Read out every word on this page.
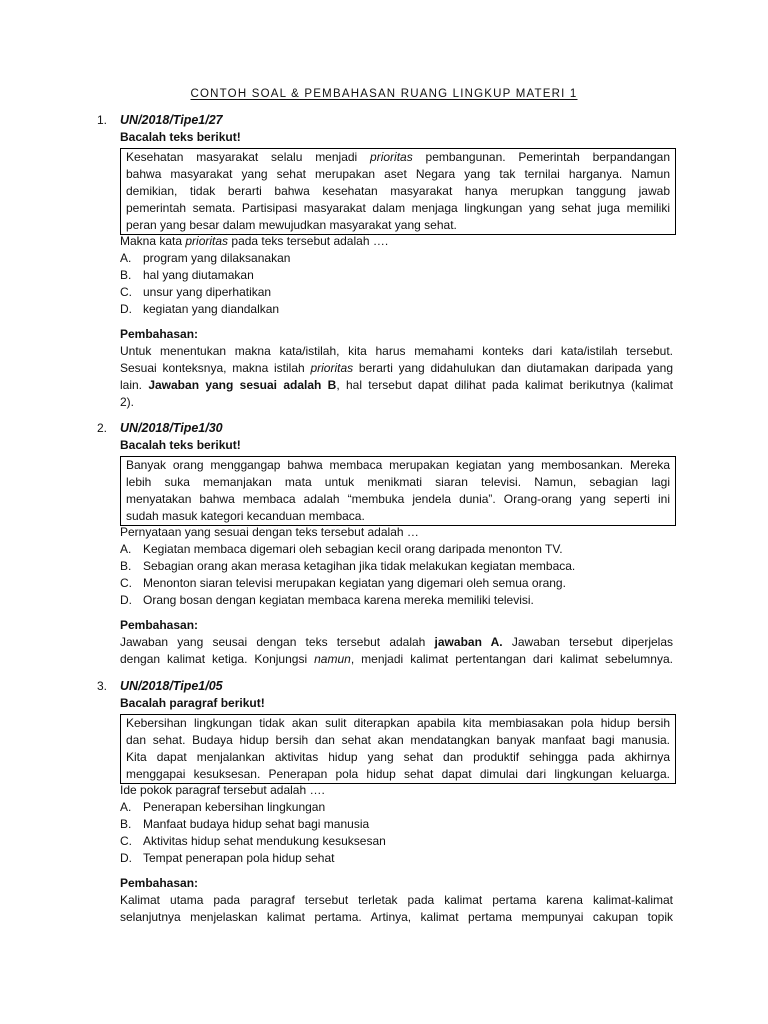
CONTOH SOAL & PEMBAHASAN RUANG LINGKUP MATERI 1
1. UN/2018/Tipe1/27
Bacalah teks berikut!
Kesehatan masyarakat selalu menjadi prioritas pembangunan. Pemerintah berpandangan
bahwa masyarakat yang sehat merupakan aset Negara yang tak ternilai harganya. Namun
demikian, tidak berarti bahwa kesehatan masyarakat hanya merupkan tanggung jawab
pemerintah semata. Partisipasi masyarakat dalam menjaga lingkungan yang sehat juga memiliki
peran yang besar dalam mewujudkan masyarakat yang sehat.
Makna kata prioritas pada teks tersebut adalah ….
A. program yang dilaksanakan
B. hal yang diutamakan
C. unsur yang diperhatikan
D. kegiatan yang diandalkan
Pembahasan:
Untuk menentukan makna kata/istilah, kita harus memahami konteks dari kata/istilah tersebut.
Sesuai konteksnya, makna istilah prioritas berarti yang didahulukan dan diutamakan daripada yang
lain. Jawaban yang sesuai adalah B, hal tersebut dapat dilihat pada kalimat berikutnya (kalimat
2).
2. UN/2018/Tipe1/30
Bacalah teks berikut!
Banyak orang menggangap bahwa membaca merupakan kegiatan yang membosankan. Mereka
lebih suka memanjakan mata untuk menikmati siaran televisi. Namun, sebagian lagi
menyatakan bahwa membaca adalah “membuka jendela dunia”. Orang-orang yang seperti ini
sudah masuk kategori kecanduan membaca.
Pernyataan yang sesuai dengan teks tersebut adalah …
A. Kegiatan membaca digemari oleh sebagian kecil orang daripada menonton TV.
B. Sebagian orang akan merasa ketagihan jika tidak melakukan kegiatan membaca.
C. Menonton siaran televisi merupakan kegiatan yang digemari oleh semua orang.
D. Orang bosan dengan kegiatan membaca karena mereka memiliki televisi.
Pembahasan:
Jawaban yang seusai dengan teks tersebut adalah jawaban A. Jawaban tersebut diperjelas
dengan kalimat ketiga. Konjungsi namun, menjadi kalimat pertentangan dari kalimat sebelumnya.
3. UN/2018/Tipe1/05
Bacalah paragraf berikut!
Kebersihan lingkungan tidak akan sulit diterapkan apabila kita membiasakan pola hidup bersih
dan sehat. Budaya hidup bersih dan sehat akan mendatangkan banyak manfaat bagi manusia.
Kita dapat menjalankan aktivitas hidup yang sehat dan produktif sehingga pada akhirnya
menggapai kesuksesan. Penerapan pola hidup sehat dapat dimulai dari lingkungan keluarga.
Ide pokok paragraf tersebut adalah ….
A. Penerapan kebersihan lingkungan
B. Manfaat budaya hidup sehat bagi manusia
C. Aktivitas hidup sehat mendukung kesuksesan
D. Tempat penerapan pola hidup sehat
Pembahasan:
Kalimat utama pada paragraf tersebut terletak pada kalimat pertama karena kalimat-kalimat
selanjutnya menjelaskan kalimat pertama. Artinya, kalimat pertama mempunyai cakupan topik
